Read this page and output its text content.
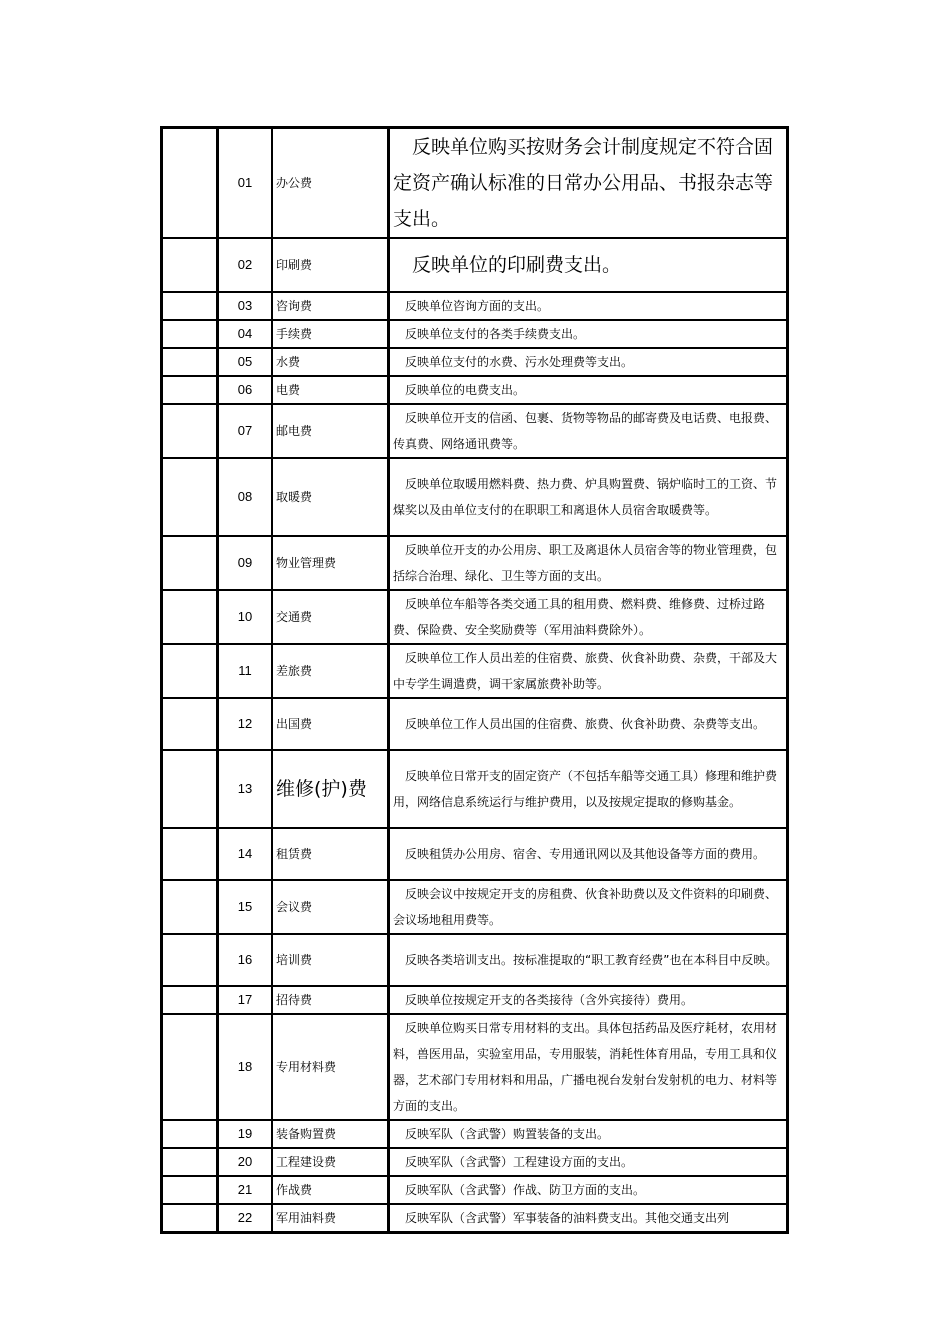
	01	办公费	反映单位购买按财务会计制度规定不符合固定资产确认标准的日常办公用品、书报杂志等支出。
	02	印刷费	反映单位的印刷费支出。
	03	咨询费	反映单位咨询方面的支出。
	04	手续费	反映单位支付的各类手续费支出。
	05	水费	反映单位支付的水费、污水处理费等支出。
	06	电费	反映单位的电费支出。
	07	邮电费	反映单位开支的信函、包裹、货物等物品的邮寄费及电话费、电报费、传真费、网络通讯费等。
	08	取暖费	反映单位取暖用燃料费、热力费、炉具购置费、锅炉临时工的工资、节煤奖以及由单位支付的在职职工和离退休人员宿舍取暖费等。
	09	物业管理费	反映单位开支的办公用房、职工及离退休人员宿舍等的物业管理费，包括综合治理、绿化、卫生等方面的支出。
	10	交通费	反映单位车船等各类交通工具的租用费、燃料费、维修费、过桥过路费、保险费、安全奖励费等（军用油料费除外）。
	11	差旅费	反映单位工作人员出差的住宿费、旅费、伙食补助费、杂费，干部及大中专学生调遣费，调干家属旅费补助等。
	12	出国费	反映单位工作人员出国的住宿费、旅费、伙食补助费、杂费等支出。
	13	维修(护)费	反映单位日常开支的固定资产（不包括车船等交通工具）修理和维护费用，网络信息系统运行与维护费用，以及按规定提取的修购基金。
	14	租赁费	反映租赁办公用房、宿舍、专用通讯网以及其他设备等方面的费用。
	15	会议费	反映会议中按规定开支的房租费、伙食补助费以及文件资料的印刷费、会议场地租用费等。
	16	培训费	反映各类培训支出。按标准提取的“职工教育经费”也在本科目中反映。
	17	招待费	反映单位按规定开支的各类接待（含外宾接待）费用。
	18	专用材料费	反映单位购买日常专用材料的支出。具体包括药品及医疗耗材，农用材料，兽医用品，实验室用品，专用服装，消耗性体育用品，专用工具和仪器，艺术部门专用材料和用品，广播电视台发射台发射机的电力、材料等方面的支出。
	19	装备购置费	反映军队（含武警）购置装备的支出。
	20	工程建设费	反映军队（含武警）工程建设方面的支出。
	21	作战费	反映军队（含武警）作战、防卫方面的支出。
	22	军用油料费	反映军队（含武警）军事装备的油料费支出。其他交通支出列
